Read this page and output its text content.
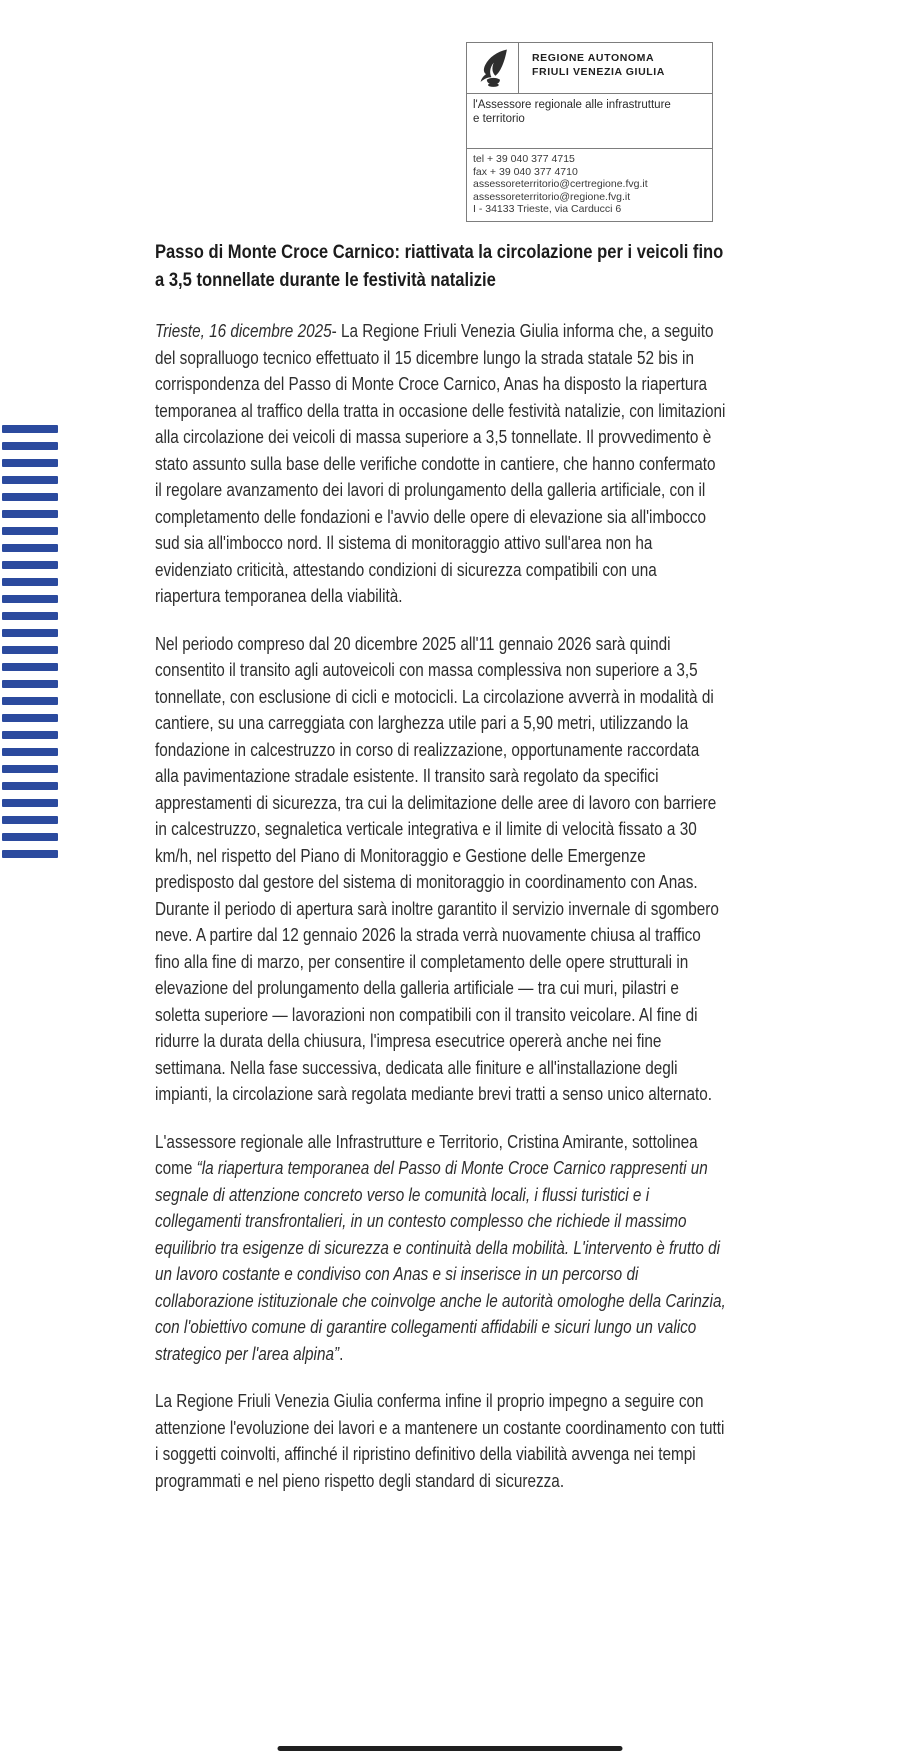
REGIONE AUTONOMA
FRIULI VENEZIA GIULIA
l'Assessore regionale alle infrastrutture
e territorio
tel + 39 040 377 4715
fax + 39 040 377 4710
assessoreterritorio@certregione.fvg.it
assessoreterritorio@regione.fvg.it
I - 34133 Trieste, via Carducci 6
Passo di Monte Croce Carnico: riattivata la circolazione per i veicoli fino a 3,5 tonnellate durante le festività natalizie

Trieste, 16 dicembre 2025- La Regione Friuli Venezia Giulia informa che, a seguito del sopralluogo tecnico effettuato il 15 dicembre lungo la strada statale 52 bis in corrispondenza del Passo di Monte Croce Carnico, Anas ha disposto la riapertura temporanea al traffico della tratta in occasione delle festività natalizie, con limitazioni alla circolazione dei veicoli di massa superiore a 3,5 tonnellate. Il provvedimento è stato assunto sulla base delle verifiche condotte in cantiere, che hanno confermato il regolare avanzamento dei lavori di prolungamento della galleria artificiale, con il completamento delle fondazioni e l'avvio delle opere di elevazione sia all'imbocco sud sia all'imbocco nord. Il sistema di monitoraggio attivo sull'area non ha evidenziato criticità, attestando condizioni di sicurezza compatibili con una riapertura temporanea della viabilità.

Nel periodo compreso dal 20 dicembre 2025 all'11 gennaio 2026 sarà quindi consentito il transito agli autoveicoli con massa complessiva non superiore a 3,5 tonnellate, con esclusione di cicli e motocicli. La circolazione avverrà in modalità di cantiere, su una carreggiata con larghezza utile pari a 5,90 metri, utilizzando la fondazione in calcestruzzo in corso di realizzazione, opportunamente raccordata alla pavimentazione stradale esistente. Il transito sarà regolato da specifici apprestamenti di sicurezza, tra cui la delimitazione delle aree di lavoro con barriere in calcestruzzo, segnaletica verticale integrativa e il limite di velocità fissato a 30 km/h, nel rispetto del Piano di Monitoraggio e Gestione delle Emergenze predisposto dal gestore del sistema di monitoraggio in coordinamento con Anas. Durante il periodo di apertura sarà inoltre garantito il servizio invernale di sgombero neve. A partire dal 12 gennaio 2026 la strada verrà nuovamente chiusa al traffico fino alla fine di marzo, per consentire il completamento delle opere strutturali in elevazione del prolungamento della galleria artificiale — tra cui muri, pilastri e soletta superiore — lavorazioni non compatibili con il transito veicolare. Al fine di ridurre la durata della chiusura, l'impresa esecutrice opererà anche nei fine settimana. Nella fase successiva, dedicata alle finiture e all'installazione degli impianti, la circolazione sarà regolata mediante brevi tratti a senso unico alternato.

L'assessore regionale alle Infrastrutture e Territorio, Cristina Amirante, sottolinea come “la riapertura temporanea del Passo di Monte Croce Carnico rappresenti un segnale di attenzione concreto verso le comunità locali, i flussi turistici e i collegamenti transfrontalieri, in un contesto complesso che richiede il massimo equilibrio tra esigenze di sicurezza e continuità della mobilità. L'intervento è frutto di un lavoro costante e condiviso con Anas e si inserisce in un percorso di collaborazione istituzionale che coinvolge anche le autorità omologhe della Carinzia, con l'obiettivo comune di garantire collegamenti affidabili e sicuri lungo un valico strategico per l'area alpina”.

La Regione Friuli Venezia Giulia conferma infine il proprio impegno a seguire con attenzione l'evoluzione dei lavori e a mantenere un costante coordinamento con tutti i soggetti coinvolti, affinché il ripristino definitivo della viabilità avvenga nei tempi programmati e nel pieno rispetto degli standard di sicurezza.
